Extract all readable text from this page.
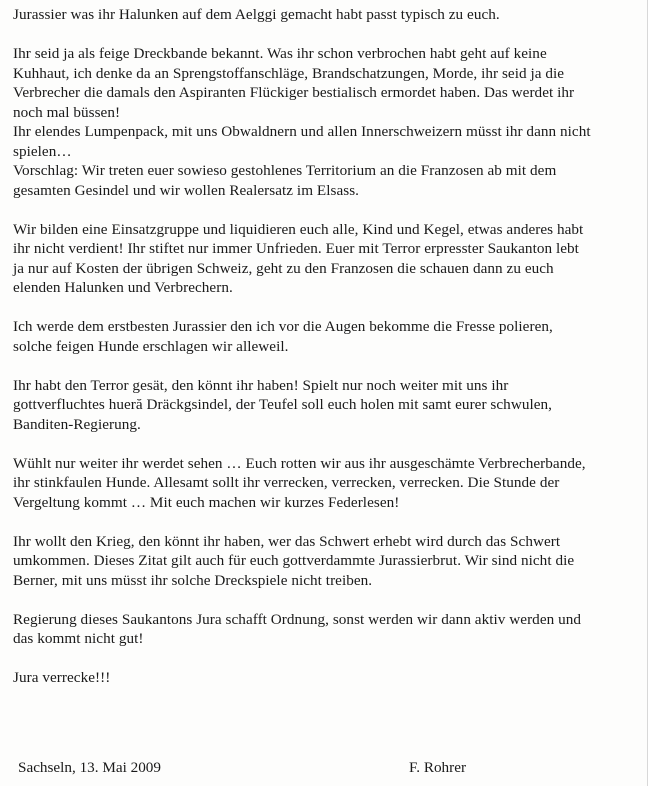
Jurassier was ihr Halunken auf dem Aelggi gemacht habt passt typisch zu euch.

Ihr seid ja als feige Dreckbande bekannt. Was ihr schon verbrochen habt geht auf keine
Kuhhaut, ich denke da an Sprengstoffanschläge, Brandschatzungen, Morde, ihr seid ja die
Verbrecher die damals den Aspiranten Flückiger bestialisch ermordet haben. Das werdet ihr
noch mal büssen!

Ihr elendes Lumpenpack, mit uns Obwaldnern und allen Innerschweizern müsst ihr dann nicht
spielen…

Vorschlag: Wir treten euer sowieso gestohlenes Territorium an die Franzosen ab mit dem
gesamten Gesindel und wir wollen Realersatz im Elsass.

Wir bilden eine Einsatzgruppe und liquidieren euch alle, Kind und Kegel, etwas anderes habt
ihr nicht verdient! Ihr stiftet nur immer Unfrieden. Euer mit Terror erpresster Saukanton lebt
ja nur auf Kosten der übrigen Schweiz, geht zu den Franzosen die schauen dann zu euch
elenden Halunken und Verbrechern.

Ich werde dem erstbesten Jurassier den ich vor die Augen bekomme die Fresse polieren,
solche feigen Hunde erschlagen wir alleweil.

Ihr habt den Terror gesät, den könnt ihr haben! Spielt nur noch weiter mit uns ihr
gottverfluchtes hueră Dräckgsindel, der Teufel soll euch holen mit samt eurer schwulen,
Banditen-Regierung.

Wühlt nur weiter ihr werdet sehen … Euch rotten wir aus ihr ausgeschämte Verbrecherbande,
ihr stinkfaulen Hunde. Allesamt sollt ihr verrecken, verrecken, verrecken. Die Stunde der
Vergeltung kommt … Mit euch machen wir kurzes Federlesen!

Ihr wollt den Krieg, den könnt ihr haben, wer das Schwert erhebt wird durch das Schwert
umkommen. Dieses Zitat gilt auch für euch gottverdammte Jurassierbrut. Wir sind nicht die
Berner, mit uns müsst ihr solche Dreckspiele nicht treiben.

Regierung dieses Saukantons Jura schafft Ordnung, sonst werden wir dann aktiv werden und
das kommt nicht gut!

Jura verrecke!!!

Sachseln, 13. Mai 2009	F. Rohrer
